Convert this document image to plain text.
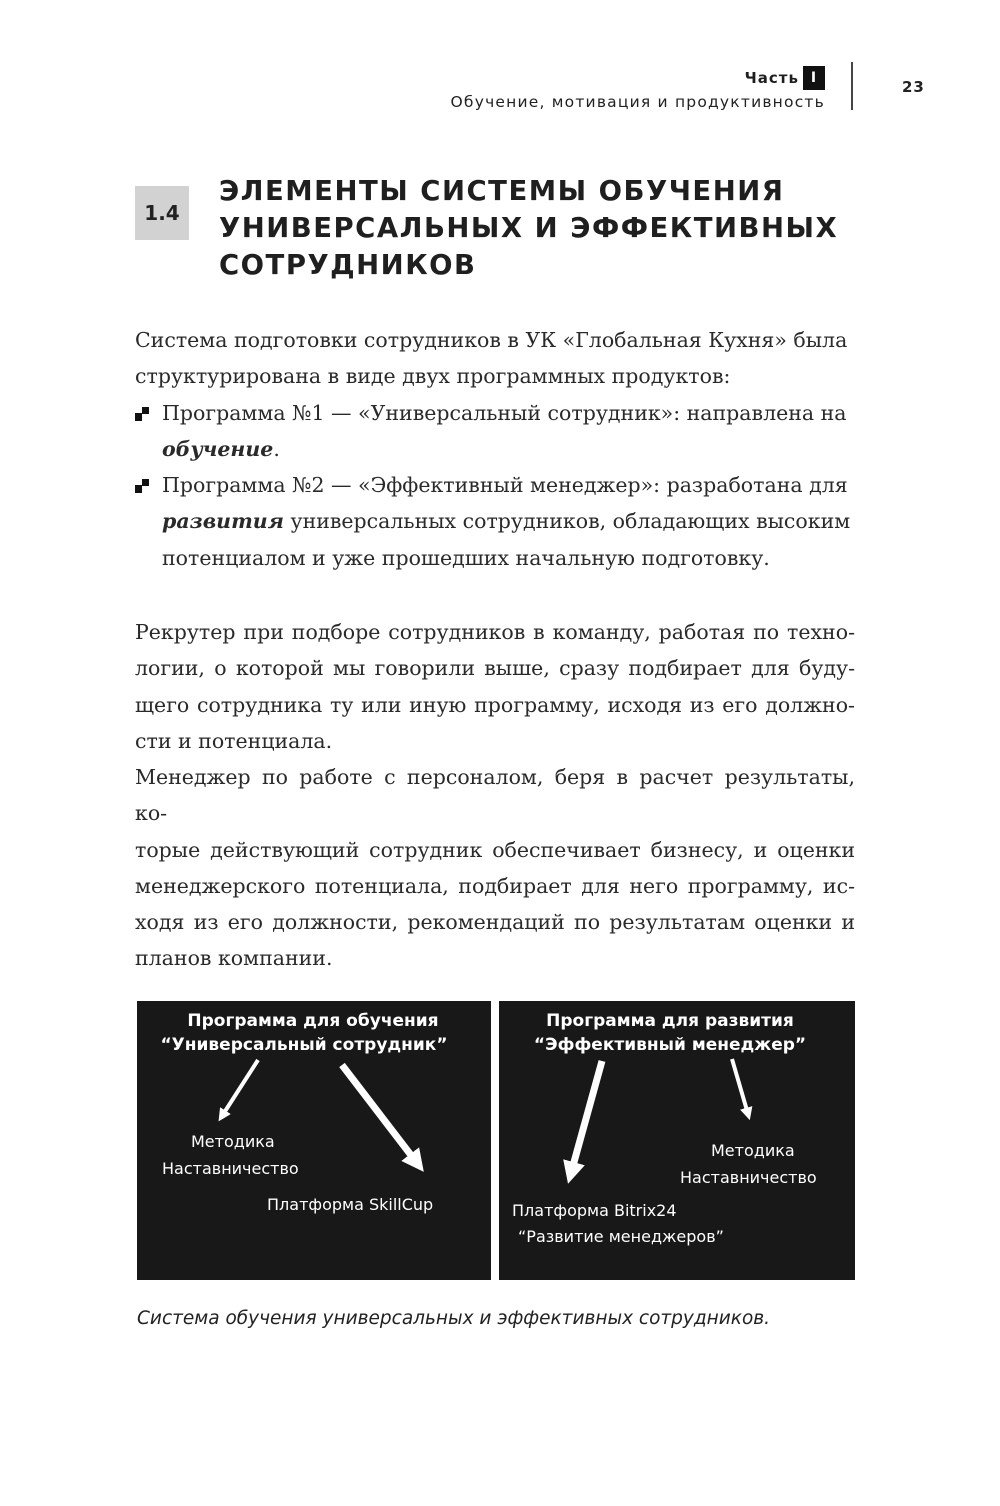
Часть I
Обучение, мотивация и продуктивность
23
1.4
ЭЛЕМЕНТЫ СИСТЕМЫ ОБУЧЕНИЯ
УНИВЕРСАЛЬНЫХ И ЭФФЕКТИВНЫХ
СОТРУДНИКОВ
Система подготовки сотрудников в УК «Глобальная Кухня» была
структурирована в виде двух программных продуктов:
Программа №1 — «Универсальный сотрудник»: направлена на
обучение.
Программа №2 — «Эффективный менеджер»: разработана для
развития универсальных сотрудников, обладающих высоким
потенциалом и уже прошедших начальную подготовку.
Рекрутер при подборе сотрудников в команду, работая по техно-
логии, о которой мы говорили выше, сразу подбирает для буду-
щего сотрудника ту или иную программу, исходя из его должно-
сти и потенциала.
Менеджер по работе с персоналом, беря в расчет результаты, ко-
торые действующий сотрудник обеспечивает бизнесу, и оценки
менеджерского потенциала, подбирает для него программу, ис-
ходя из его должности, рекомендаций по результатам оценки и
планов компании.
Программа для обучения
“Универсальный сотрудник”
Методика
Наставничество
Платформа SkillCup
Программа для развития
“Эффективный менеджер”
Методика
Наставничество
Платформа Bitrix24
“Развитие менеджеров”
Система обучения универсальных и эффективных сотрудников.
